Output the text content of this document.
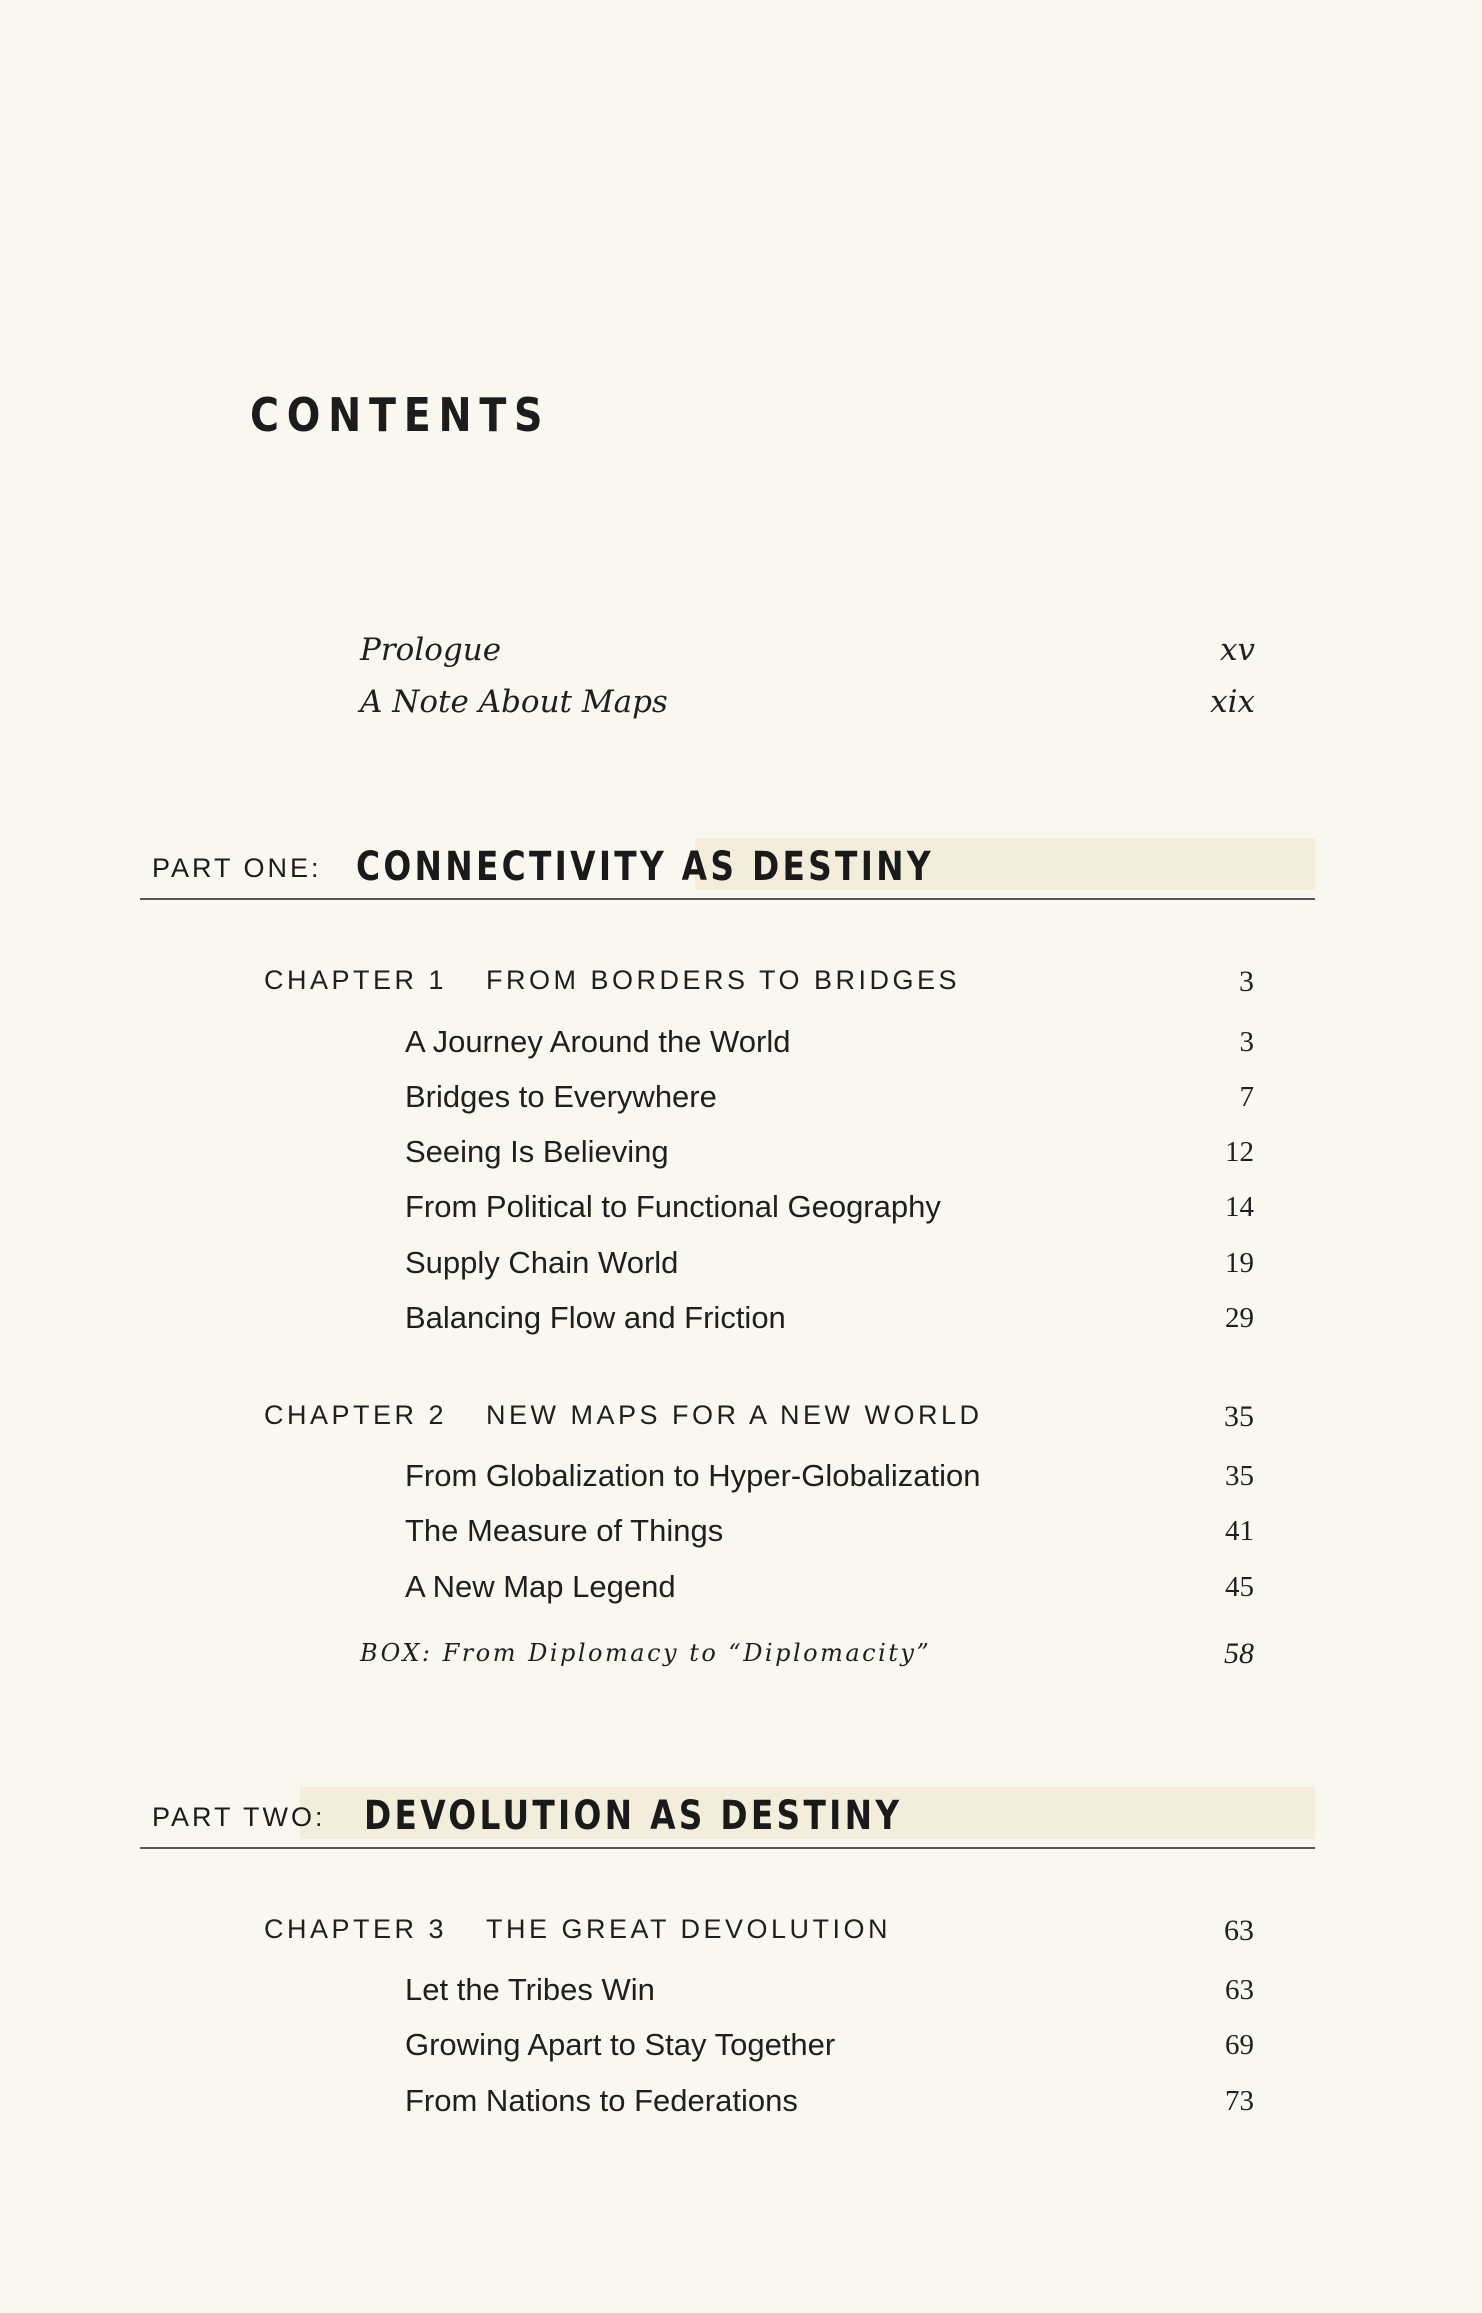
CONTENTS
Prologue	xv
A Note About Maps	xix
PART ONE: CONNECTIVITY AS DESTINY
CHAPTER 1 FROM BORDERS TO BRIDGES	3
A Journey Around the World	3
Bridges to Everywhere	7
Seeing Is Believing	12
From Political to Functional Geography	14
Supply Chain World	19
Balancing Flow and Friction	29
CHAPTER 2 NEW MAPS FOR A NEW WORLD	35
From Globalization to Hyper-Globalization	35
The Measure of Things	41
A New Map Legend	45
BOX: From Diplomacy to “Diplomacity”	58
PART TWO: DEVOLUTION AS DESTINY
CHAPTER 3 THE GREAT DEVOLUTION	63
Let the Tribes Win	63
Growing Apart to Stay Together	69
From Nations to Federations	73
